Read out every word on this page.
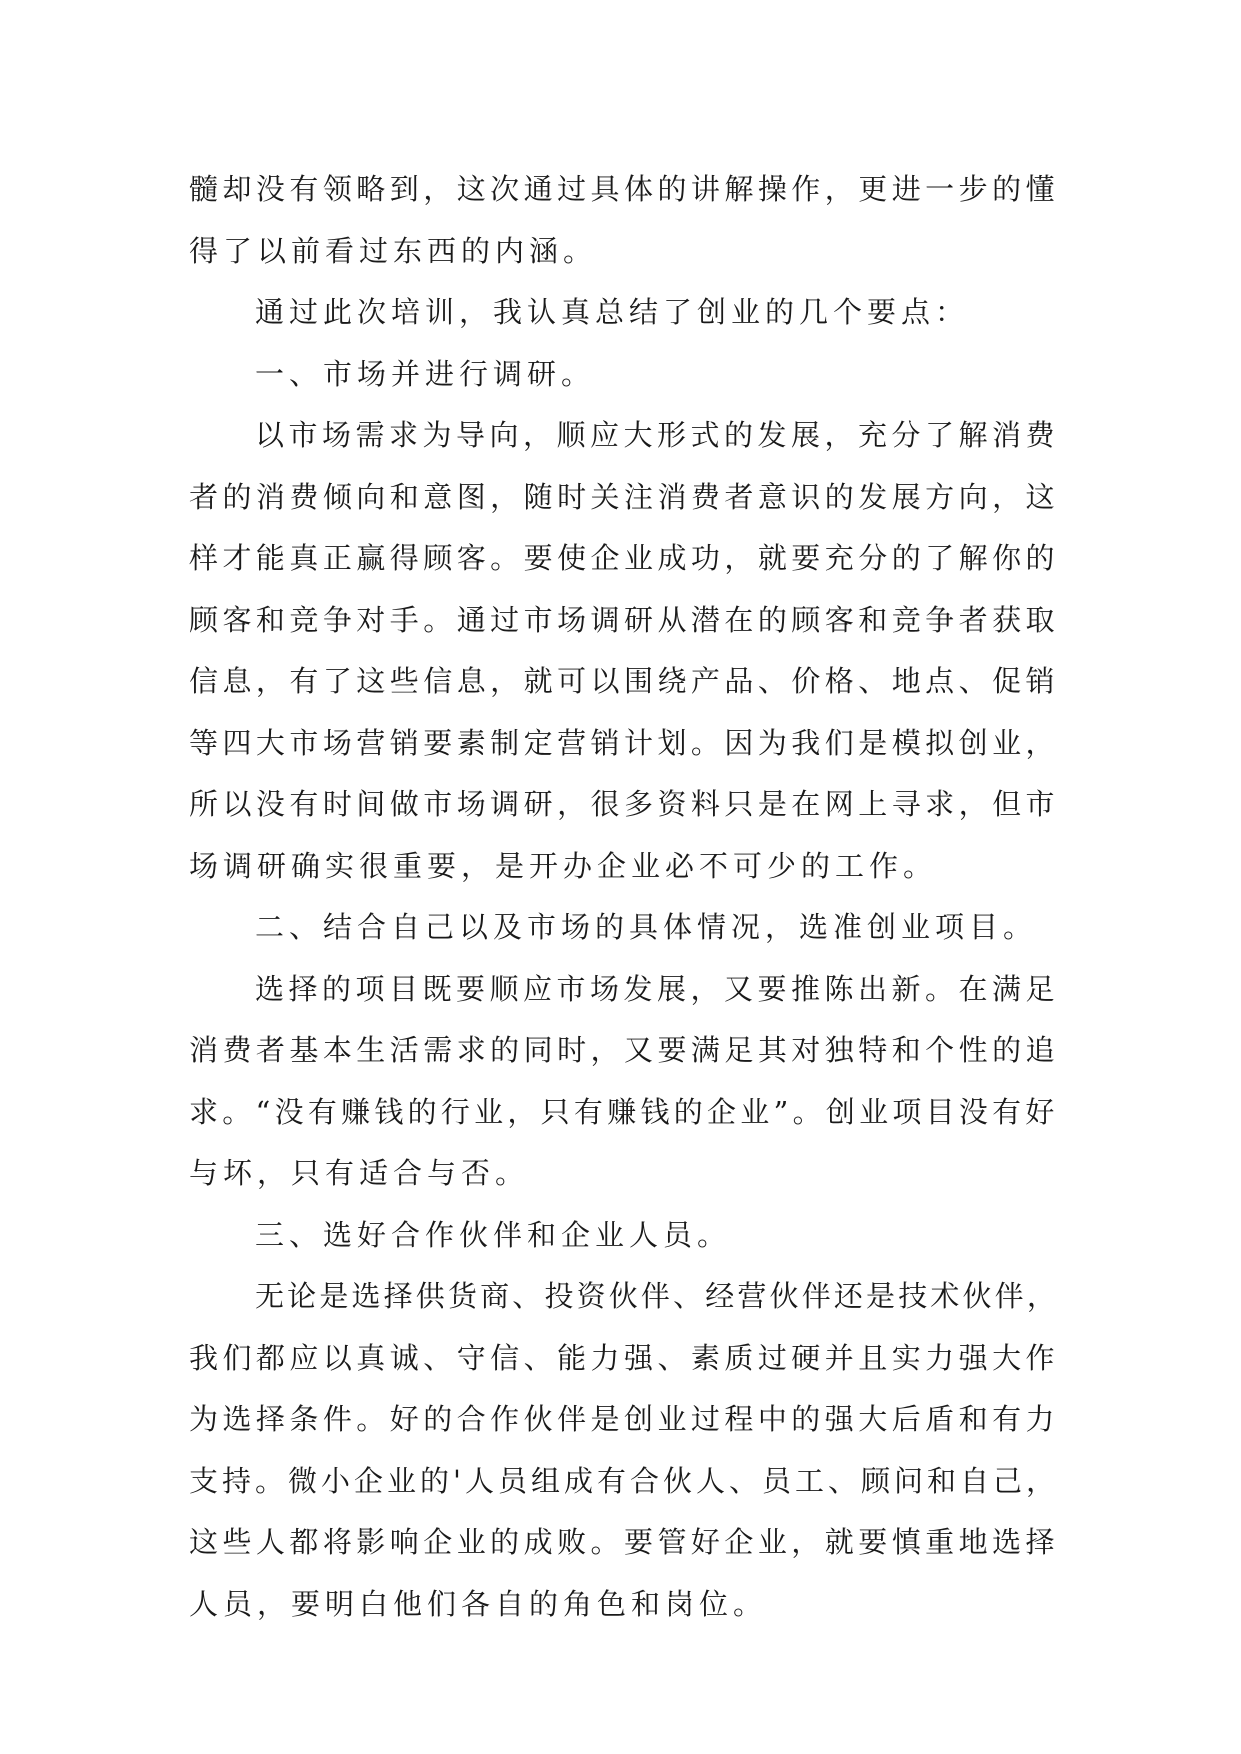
髓却没有领略到，这次通过具体的讲解操作，更进一步的懂
得了以前看过东西的内涵。
通过此次培训，我认真总结了创业的几个要点：
一、市场并进行调研。
以市场需求为导向，顺应大形式的发展，充分了解消费
者的消费倾向和意图，随时关注消费者意识的发展方向，这
样才能真正赢得顾客。要使企业成功，就要充分的了解你的
顾客和竞争对手。通过市场调研从潜在的顾客和竞争者获取
信息，有了这些信息，就可以围绕产品、价格、地点、促销
等四大市场营销要素制定营销计划。因为我们是模拟创业，
所以没有时间做市场调研，很多资料只是在网上寻求，但市
场调研确实很重要，是开办企业必不可少的工作。
二、结合自己以及市场的具体情况，选准创业项目。
选择的项目既要顺应市场发展，又要推陈出新。在满足
消费者基本生活需求的同时，又要满足其对独特和个性的追
求。“没有赚钱的行业，只有赚钱的企业”。创业项目没有好
与坏，只有适合与否。
三、选好合作伙伴和企业人员。
无论是选择供货商、投资伙伴、经营伙伴还是技术伙伴，
我们都应以真诚、守信、能力强、素质过硬并且实力强大作
为选择条件。好的合作伙伴是创业过程中的强大后盾和有力
支持。微小企业的'人员组成有合伙人、员工、顾问和自己，
这些人都将影响企业的成败。要管好企业，就要慎重地选择
人员，要明白他们各自的角色和岗位。
